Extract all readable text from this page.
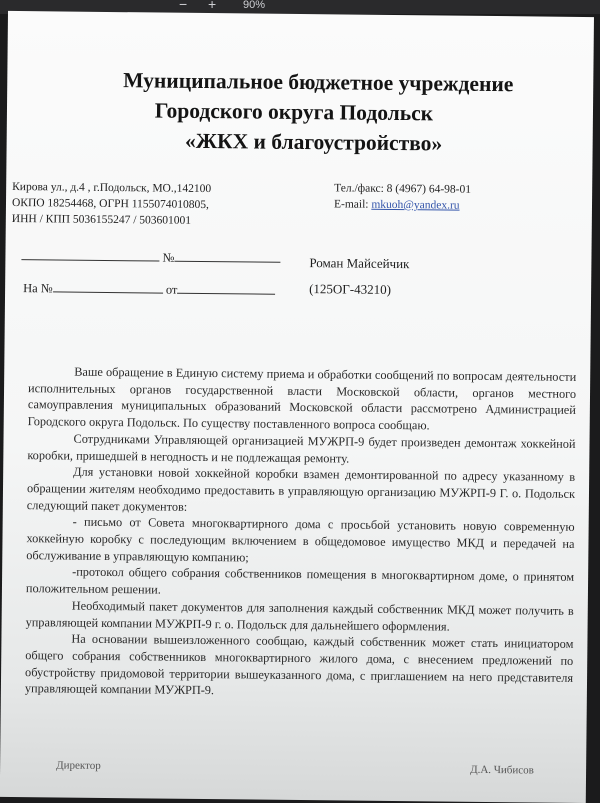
− + 90%
Муниципальное бюджетное учреждение
Городского округа Подольск
«ЖКХ и благоустройство»
Кирова ул., д.4 , г.Подольск, МО.,142100
ОКПО 18254468, ОГРН 1155074010805,
ИНН / КПП 5036155247 / 503601001
Тел./факс: 8 (4967) 64-98-01
E-mail: mkuoh@yandex.ru
№
На №	от
Роман Майсейчик
(125ОГ-43210)

Ваше обращение в Единую систему приема и обработки сообщений по вопросам деятельности исполнительных органов государственной власти Московской области, органов местного самоуправления муниципальных образований Московской области рассмотрено Администрацией Городского округа Подольск. По существу поставленного вопроса сообщаю.

Сотрудниками Управляющей организацией МУЖРП-9 будет произведен демонтаж хоккейной коробки, пришедшей в негодность и не подлежащая ремонту.

Для установки новой хоккейной коробки взамен демонтированной по адресу указанному в обращении жителям необходимо предоставить в управляющую организацию МУЖРП-9 Г. о. Подольск следующий пакет документов:

- письмо от Совета многоквартирного дома с просьбой установить новую современную хоккейную коробку с последующим включением в общедомовое имущество МКД и передачей на обслуживание в управляющую компанию;

-протокол общего собрания собственников помещения в многоквартирном доме, о принятом положительном решении.

Необходимый пакет документов для заполнения каждый собственник МКД может получить в управляющей компании МУЖРП-9 г. о. Подольск для дальнейшего оформления.

На основании вышеизложенного сообщаю, каждый собственник может стать инициатором общего собрания собственников многоквартирного жилого дома, с внесением предложений по обустройству придомовой территории вышеуказанного дома, с приглашением на него представителя управляющей компании МУЖРП-9.

Директор	Д.А. Чибисов
